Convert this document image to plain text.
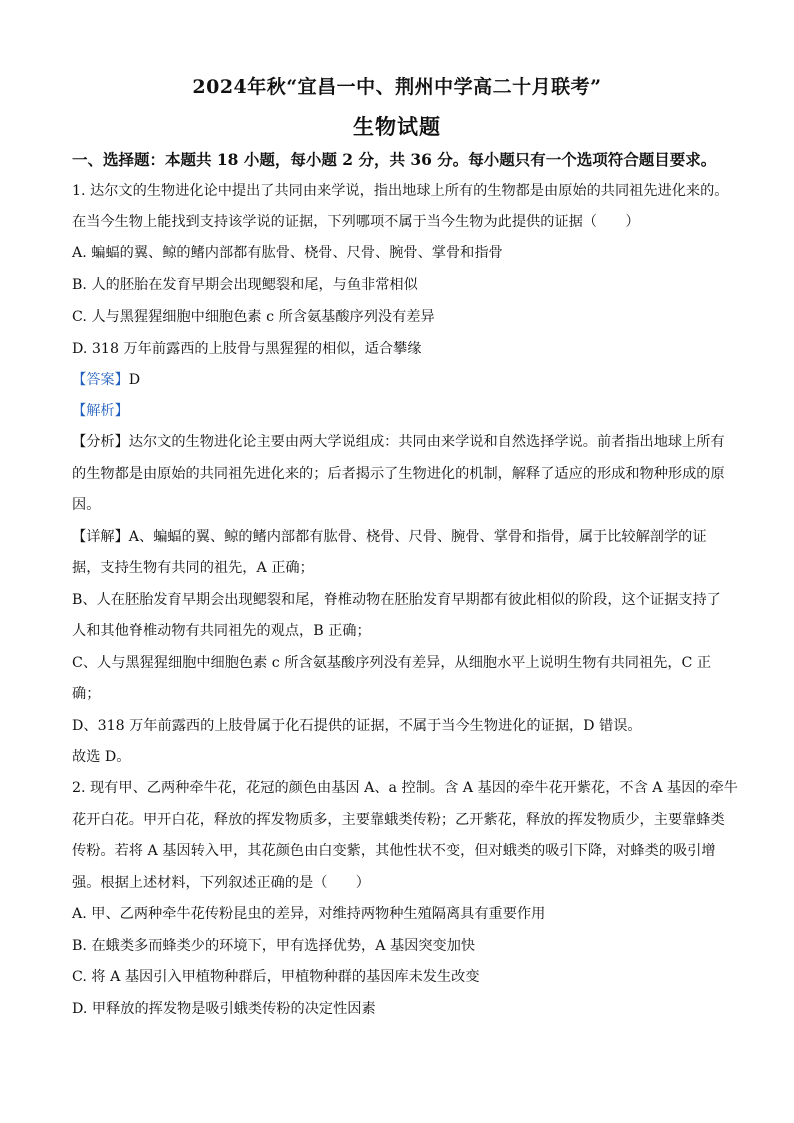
2024年秋“宜昌一中、荆州中学高二十月联考”
生物试题
一、选择题：本题共 18 小题，每小题 2 分，共 36 分。每小题只有一个选项符合题目要求。
1. 达尔文的生物进化论中提出了共同由来学说，指出地球上所有的生物都是由原始的共同祖先进化来的。
在当今生物上能找到支持该学说的证据，下列哪项不属于当今生物为此提供的证据（　　）
A. 蝙蝠的翼、鲸的鳍内部都有肱骨、桡骨、尺骨、腕骨、掌骨和指骨
B. 人的胚胎在发育早期会出现鳃裂和尾，与鱼非常相似
C. 人与黑猩猩细胞中细胞色素 c 所含氨基酸序列没有差异
D. 318 万年前露西的上肢骨与黑猩猩的相似，适合攀缘
【答案】D
【解析】
【分析】达尔文的生物进化论主要由两大学说组成：共同由来学说和自然选择学说。前者指出地球上所有
的生物都是由原始的共同祖先进化来的；后者揭示了生物进化的机制，解释了适应的形成和物种形成的原
因。
【详解】A、蝙蝠的翼、鲸的鳍内部都有肱骨、桡骨、尺骨、腕骨、掌骨和指骨，属于比较解剖学的证
据，支持生物有共同的祖先，A 正确；
B、人在胚胎发育早期会出现鳃裂和尾，脊椎动物在胚胎发育早期都有彼此相似的阶段，这个证据支持了
人和其他脊椎动物有共同祖先的观点，B 正确；
C、人与黑猩猩细胞中细胞色素 c 所含氨基酸序列没有差异，从细胞水平上说明生物有共同祖先，C 正
确；
D、318 万年前露西的上肢骨属于化石提供的证据，不属于当今生物进化的证据，D 错误。
故选 D。
2. 现有甲、乙两种牵牛花，花冠的颜色由基因 A、a 控制。含 A 基因的牵牛花开紫花，不含 A 基因的牵牛
花开白花。甲开白花，释放的挥发物质多，主要靠蛾类传粉；乙开紫花，释放的挥发物质少，主要靠蜂类
传粉。若将 A 基因转入甲，其花颜色由白变紫，其他性状不变，但对蛾类的吸引下降，对蜂类的吸引增
强。根据上述材料，下列叙述正确的是（　　）
A. 甲、乙两种牵牛花传粉昆虫的差异，对维持两物种生殖隔离具有重要作用
B. 在蛾类多而蜂类少的环境下，甲有选择优势，A 基因突变加快
C. 将 A 基因引入甲植物种群后，甲植物种群的基因库未发生改变
D. 甲释放的挥发物是吸引蛾类传粉的决定性因素
